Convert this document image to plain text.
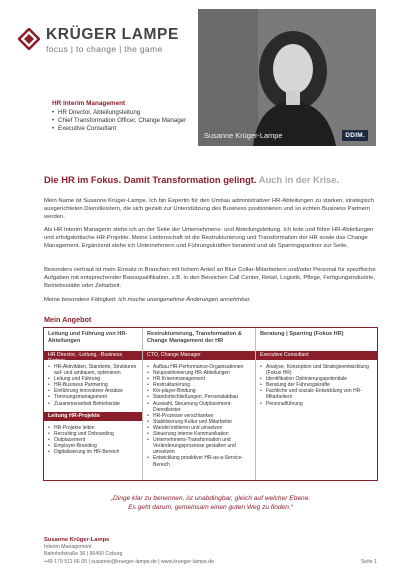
KRÜGER LAMPE
focus | to change | the game
Susanne Krüger-Lampe	DDIM.
HR Interim Management
• HR Director, Abteilungsleitung
• Chief Transformation Officer, Change Manager
• Executive Consultant
Die HR im Fokus. Damit Transformation gelingt. Auch in der Krise.

Mein Name ist Susanne Krüger-Lampe. Ich bin Expertin für den Umbau administrativer HR-Abteilungen zu starken, strategisch ausgerichteten Dienstleistern, die sich gezielt zur Unterstützung des Business positionieren und so echten Business Partnern werden.

Als HR Interim Managerin stehe ich an der Seite der Unternehmens- und Abteilungsleitung. Ich leite und führe HR-Abteilungen und erfolgskritische HR-Projekte. Meine Leidenschaft ist die Restrukturierung und Transformation der HR sowie das Change Management. Ergänzend stehe ich Unternehmern und Führungskräften beratend und als Sparringspartner zur Seite.

Besonders vertraut ist mein Einsatz in Branchen mit hohem Anteil an Blue Collar-Mitarbeitern und/oder Personal für spezifische Aufgaben mit entsprechender Basisqualifikation, z.B. in den Bereichen Call Center, Retail, Logistik, Pflege, Fertigungsindustrie, Betriebsstätte oder Zeitarbeit.

Meine besondere Fähigkeit: ich mache unangenehme Änderungen annehmbar.

Mein Angebot
Leitung und Führung von HR-Abteilungen
HR Director, -Leitung, -Business Partner
• HR-Aktivitäten, Standorte, Strukturen auf- und umbauen, optimieren
• Leitung und Führung
• HR-Business Partnering
• Einführung innovativer Ansätze
• Trennungsmanagement
• Zusammenarbeit Betriebsräte
Leitung HR-Projekte
• HR-Projekte leiten
• Recruiting und Onboarding
• Outplacement
• Employer-Branding
• Digitalisierung im HR-Bereich
Restrukturierung, Transformation & Change Management der HR
CTO, Change Manager
• Aufbau HR-Performance-Organisationen
• Neupositionierung HR-Abteilungen
• HR Krisenmanagement
• Restrukturierung
• Kin-player-Bindung
• Standortschließungen, Personalabbau
• Auswahl, Steuerung Outplacement-Dienstleister
• HR-Prozesse verschlanken
• Stabilisierung Kultur und Mitarbeiter
• Wandel initiieren und umsetzen
• Steuerung interne Kommunikation
• Unternehmens-Transformation und Veränderungsprozesse gestalten und umsetzen
• Entwicklung proaktiver HR-as-a-Service-Bereich
Beratung | Sparring (Fokus HR)
Executive Consultant
• Analyse, Konzeption und Strategieentwicklung (Fokus HR)
• Identifikation Optimierungspotentiale
• Beratung der Führungskräfte
• Fachliche und soziale Entwicklung von HR-Mitarbeitern
• Personalführung
„Dinge klar zu benennen, ist unabdingbar, gleich auf welcher Ebene.
Es geht darum, gemeinsam einen guten Weg zu finden.“
Susanne Krüger-Lampe
Interim Management
Bahnhofstraße 36 | 96450 Coburg
+49 179 511 66 05 | susanne@krueger-lampe.de | www.krueger-lampe.de	Seite 1
